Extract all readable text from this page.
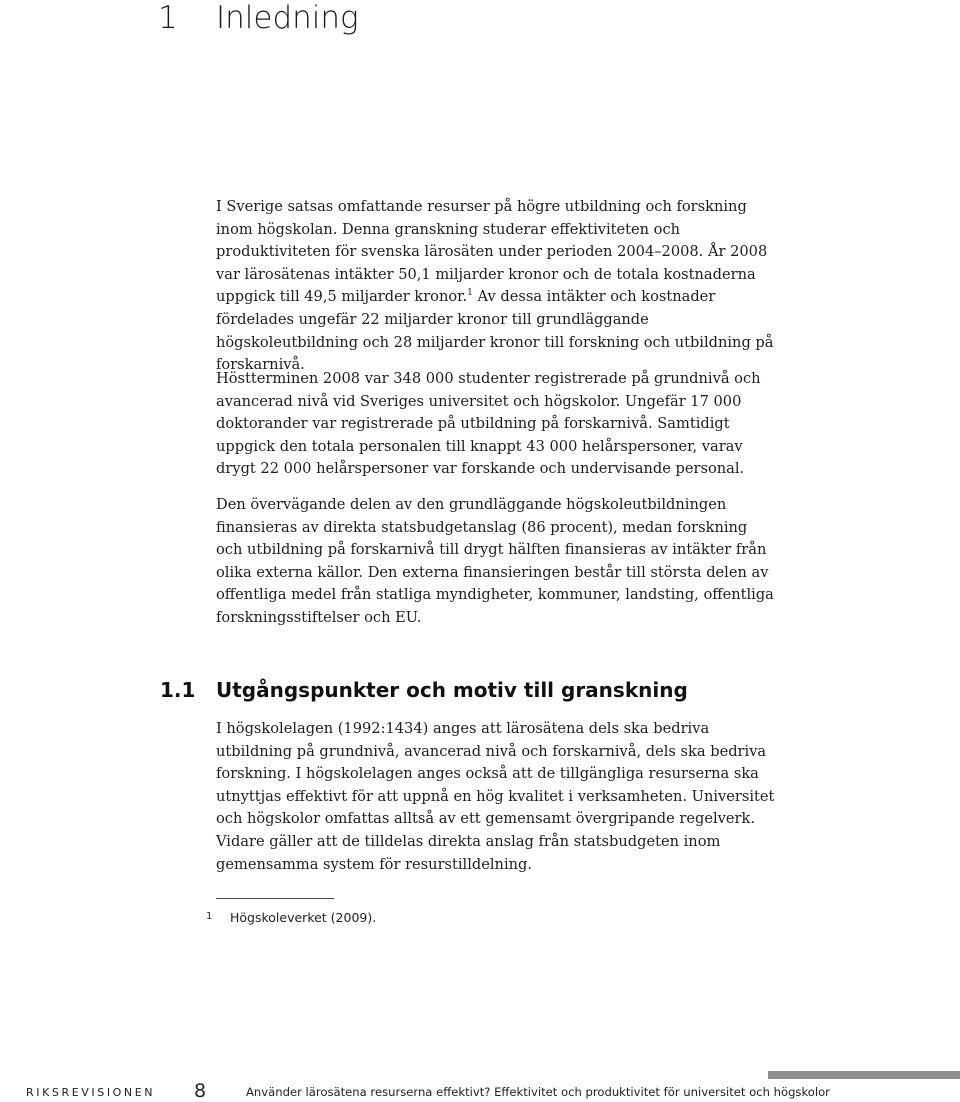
1 Inledning

I Sverige satsas omfattande resurser på högre utbildning och forskning inom högskolan. Denna granskning studerar effektiviteten och produktiviteten för svenska lärosäten under perioden 2004–2008. År 2008 var lärosätenas intäkter 50,1 miljarder kronor och de totala kostnaderna uppgick till 49,5 miljarder kronor.$^1$ Av dessa intäkter och kostnader fördelades ungefär 22 miljarder kronor till grundläggande högskoleutbildning och 28 miljarder kronor till forskning och utbildning på forskarnivå.

Höstterminen 2008 var 348 000 studenter registrerade på grundnivå och avancerad nivå vid Sveriges universitet och högskolor. Ungefär 17 000 doktorander var registrerade på utbildning på forskarnivå. Samtidigt uppgick den totala personalen till knappt 43 000 helårspersoner, varav drygt 22 000 helårspersoner var forskande och undervisande personal.

Den övervägande delen av den grundläggande högskoleutbildningen finansieras av direkta statsbudgetanslag (86 procent), medan forskning och utbildning på forskarnivå till drygt hälften finansieras av intäkter från olika externa källor. Den externa finansieringen består till största delen av offentliga medel från statliga myndigheter, kommuner, landsting, offentliga forskningsstiftelser och EU.

1.1 Utgångspunkter och motiv till granskning

I högskolelagen (1992:1434) anges att lärosätena dels ska bedriva utbildning på grundnivå, avancerad nivå och forskarnivå, dels ska bedriva forskning. I högskolelagen anges också att de tillgängliga resurserna ska utnyttjas effektivt för att uppnå en hög kvalitet i verksamheten. Universitet och högskolor omfattas alltså av ett gemensamt övergripande regelverk. Vidare gäller att de tilldelas direkta anslag från statsbudgeten inom gemensamma system för resurstilldelning.

1 Högskoleverket (2009).
RIKSREVISIONEN 8	Använder lärosätena resurserna effektivt? Effektivitet och produktivitet för universitet och högskolor
